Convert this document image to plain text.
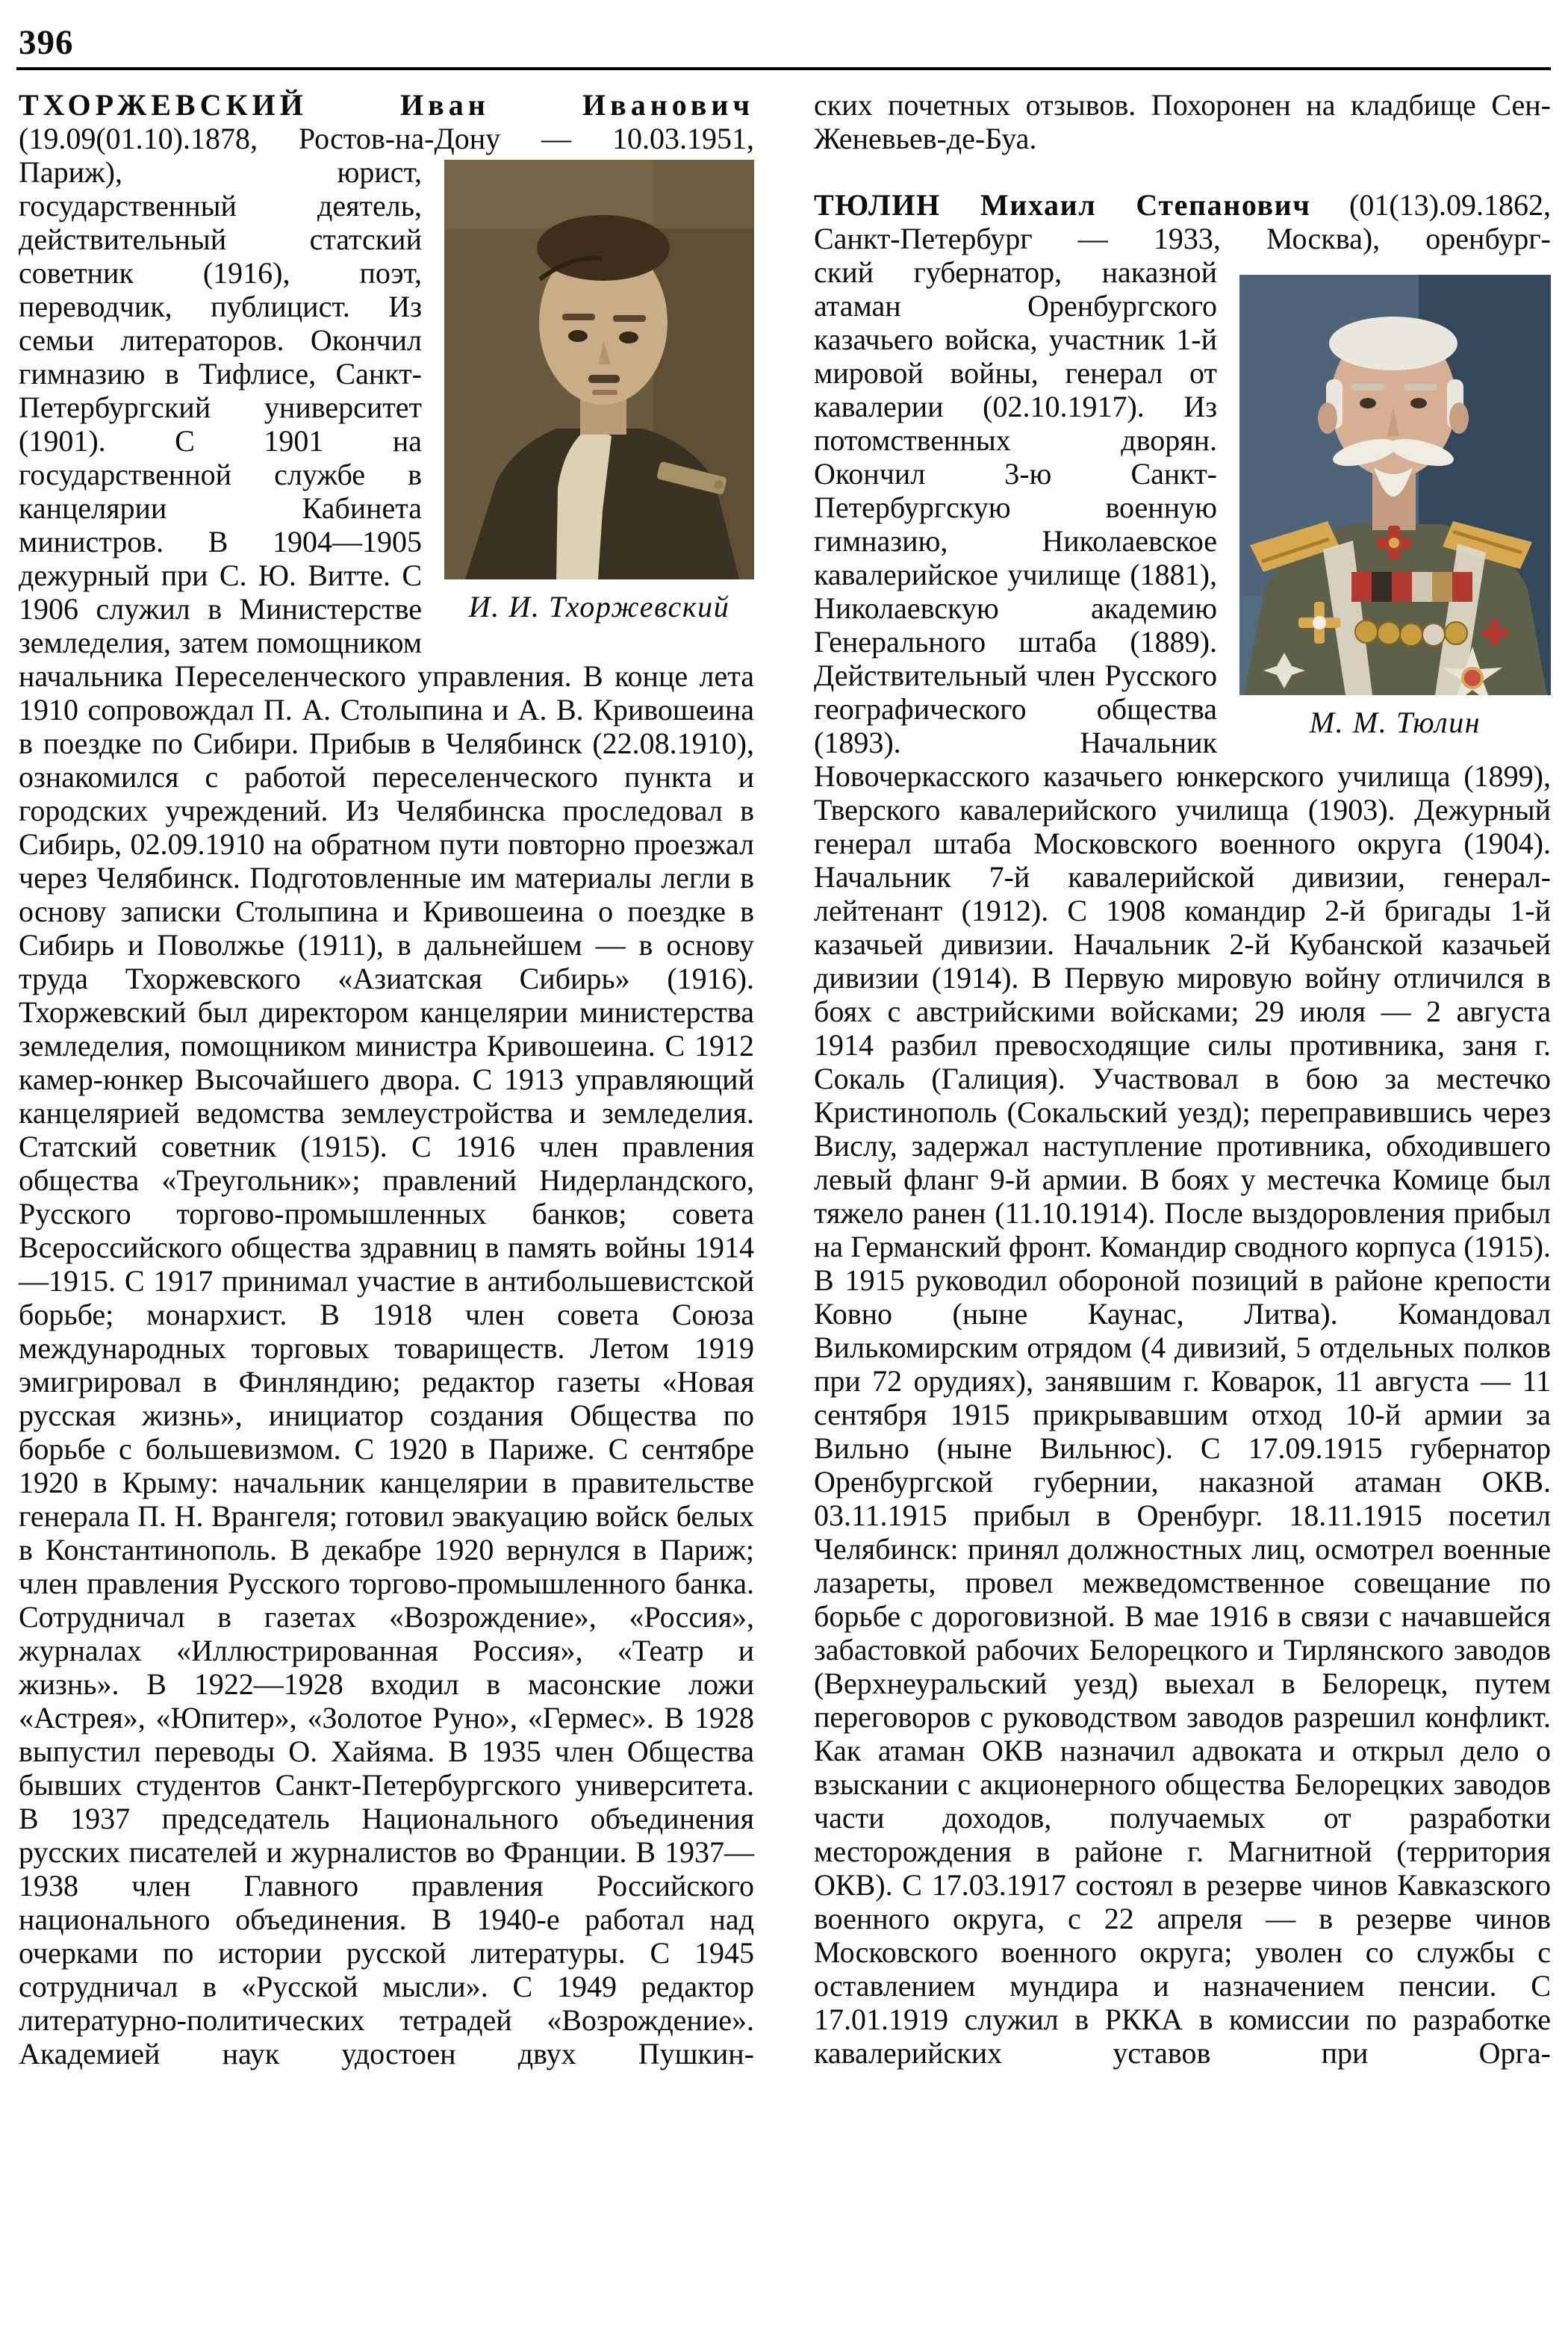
396
ТХОРЖЕВСКИЙ Иван Иванович
(19.09(01.10).1878, Ростов-на-Дону — 10.03.1951,
И. И. Тхоржевский
Париж), юрист, государственный деятель, действительный статский советник (1916), поэт, переводчик, публицист. Из семьи литераторов. Окончил гимназию в Тифлисе, Санкт-Петербургский университет (1901). С 1901 на государственной службе в канцелярии Кабинета министров. В 1904—1905 дежурный при С. Ю. Витте. С 1906 служил в Министерстве земледелия, затем помощником начальника Переселенческого управления. В конце лета 1910 сопровождал П. А. Столыпина и А. В. Кривошеина в поездке по Сибири. Прибыв в Челябинск (22.08.1910), ознакомился с работой переселенческого пункта и городских учреждений. Из Челябинска проследовал в Сибирь, 02.09.1910 на обратном пути повторно проезжал через Челябинск. Подготовленные им материалы легли в основу записки Столыпина и Кривошеина о поездке в Сибирь и Поволжье (1911), в дальнейшем — в основу труда Тхоржевского «Азиатская Сибирь» (1916). Тхоржевский был директором канцелярии министерства земледелия, помощником министра Кривошеина. С 1912 камер-юнкер Высочайшего двора. С 1913 управляющий канцелярией ведомства землеустройства и земледелия. Статский советник (1915). С 1916 член правления общества «Треугольник»; правлений Нидерландского, Русского торгово-промышленных банков; совета Всероссийского общества здравниц в память войны 1914—1915. С 1917 принимал участие в антибольшевистской борьбе; монархист. В 1918 член совета Союза международных торговых товариществ. Летом 1919 эмигрировал в Финляндию; редактор газеты «Новая русская жизнь», инициатор создания Общества по борьбе с большевизмом. С 1920 в Париже. С сентябре 1920 в Крыму: начальник канцелярии в правительстве генерала П. Н. Врангеля; готовил эвакуацию войск белых в Константинополь. В декабре 1920 вернулся в Париж; член правления Русского торгово-промышленного банка. Сотрудничал в газетах «Возрождение», «Россия», журналах «Иллюстрированная Россия», «Театр и жизнь». В 1922—1928 входил в масонские ложи «Астрея», «Юпитер», «Золотое Руно», «Гермес». В 1928 выпустил переводы О. Хайяма. В 1935 член Общества бывших студентов Санкт-Петербургского университета. В 1937 председатель Национального объединения русских писателей и журналистов во Франции. В 1937—1938 член Главного правления Российского национального объединения. В 1940-е работал над очерками по истории русской литературы. С 1945 сотрудничал в «Русской мысли». С 1949 редактор литературно-политических тетрадей «Возрождение». Академией наук удостоен двух Пушкин-
ских почетных отзывов. Похоронен на кладбище Сен-Женевьев-де-Буа.
ТЮЛИН Михаил Степанович (01(13).09.1862, Санкт-Петербург — 1933, Москва), оренбург-
М. М. Тюлин
ский губернатор, наказной атаман Оренбургского казачьего войска, участник 1-й мировой войны, генерал от кавалерии (02.10.1917). Из потомственных дворян. Окончил 3-ю Санкт-Петербургскую военную гимназию, Николаевское кавалерийское училище (1881), Николаевскую академию Генерального штаба (1889). Действительный член Русского географического общества (1893). Начальник Новочеркасского казачьего юнкерского училища (1899), Тверского кавалерийского училища (1903). Дежурный генерал штаба Московского военного округа (1904). Начальник 7-й кавалерийской дивизии, генерал-лейтенант (1912). С 1908 командир 2-й бригады 1-й казачьей дивизии. Начальник 2-й Кубанской казачьей дивизии (1914). В Первую мировую войну отличился в боях с австрийскими войсками; 29 июля — 2 августа 1914 разбил превосходящие силы противника, заня г. Сокаль (Галиция). Участвовал в бою за местечко Кристинополь (Сокальский уезд); переправившись через Вислу, задержал наступление противника, обходившего левый фланг 9-й армии. В боях у местечка Комице был тяжело ранен (11.10.1914). После выздоровления прибыл на Германский фронт. Командир сводного корпуса (1915). В 1915 руководил обороной позиций в районе крепости Ковно (ныне Каунас, Литва). Командовал Вилькомирским отрядом (4 дивизий, 5 отдельных полков при 72 орудиях), занявшим г. Коварок, 11 августа — 11 сентября 1915 прикрывавшим отход 10-й армии за Вильно (ныне Вильнюс). С 17.09.1915 губернатор Оренбургской губернии, наказной атаман ОКВ. 03.11.1915 прибыл в Оренбург. 18.11.1915 посетил Челябинск: принял должностных лиц, осмотрел военные лазареты, провел межведомственное совещание по борьбе с дороговизной. В мае 1916 в связи с начавшейся забастовкой рабочих Белорецкого и Тирлянского заводов (Верхнеуральский уезд) выехал в Белорецк, путем переговоров с руководством заводов разрешил конфликт. Как атаман ОКВ назначил адвоката и открыл дело о взыскании с акционерного общества Белорецких заводов части доходов, получаемых от разработки месторождения в районе г. Магнитной (территория ОКВ). С 17.03.1917 состоял в резерве чинов Кавказского военного округа, с 22 апреля — в резерве чинов Московского военного округа; уволен со службы с оставлением мундира и назначением пенсии. С 17.01.1919 служил в РККА в комиссии по разработке кавалерийских уставов при Орга-
